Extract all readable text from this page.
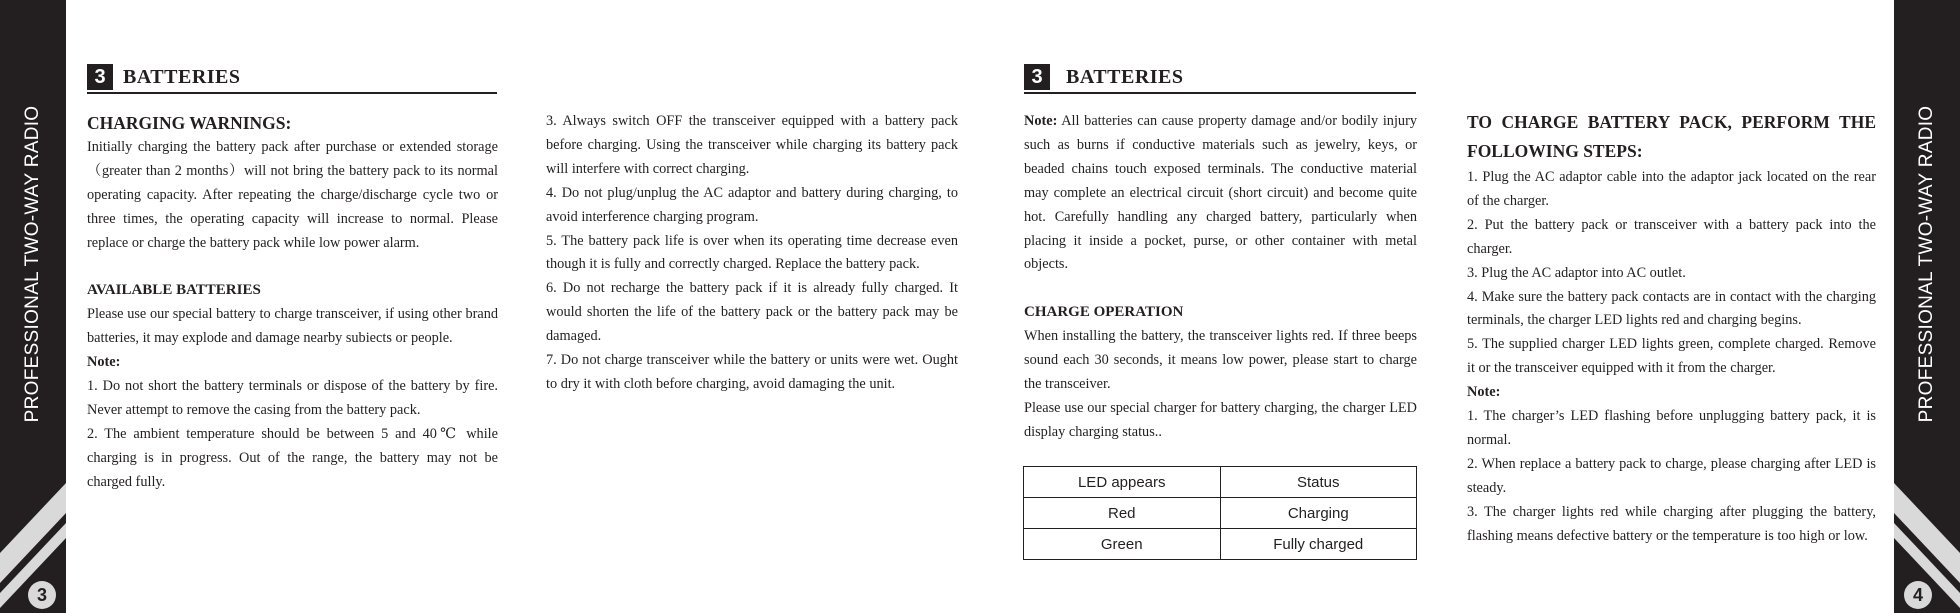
PROFESSIONAL TWO-WAY RADIO
3
PROFESSIONAL TWO-WAY RADIO
4
3 BATTERIES	3	BATTERIES

CHARGING WARNINGS:

Initially charging the battery pack after purchase or extended storage（greater than 2 months）will not bring the battery pack to its normal operating capacity. After repeating the charge/discharge cycle two or three times, the operating capacity will increase to normal. Please replace or charge the battery pack while low power alarm.

AVAILABLE BATTERIES

Please use our special battery to charge transceiver, if using other brand batteries, it may explode and damage nearby subiects or people.

Note:

1. Do not short the battery terminals or dispose of the battery by fire. Never attempt to remove the casing from the battery pack.

2. The ambient temperature should be between 5 and 40℃ while charging is in progress. Out of the range, the battery may not be charged fully.

3. Always switch OFF the transceiver equipped with a battery pack before charging. Using the transceiver while charging its battery pack will interfere with correct charging.

4. Do not plug/unplug the AC adaptor and battery during charging, to avoid interference charging program.

5. The battery pack life is over when its operating time decrease even though it is fully and correctly charged. Replace the battery pack.

6. Do not recharge the battery pack if it is already fully charged. It would shorten the life of the battery pack or the battery pack may be damaged.

7. Do not charge transceiver while the battery or units were wet. Ought to dry it with cloth before charging, avoid damaging the unit.

Note: All batteries can cause property damage and/or bodily injury such as burns if conductive materials such as jewelry, keys, or beaded chains touch exposed terminals. The conductive material may complete an electrical circuit (short circuit) and become quite hot. Carefully handling any charged battery, particularly when placing it inside a pocket, purse, or other container with metal objects.

CHARGE OPERATION

When installing the battery, the transceiver lights red. If three beeps sound each 30 seconds, it means low power, please start to charge the transceiver.

Please use our special charger for battery charging, the charger LED display charging status..

LED appears	Status
Red	Charging
Green	Fully charged

TO CHARGE BATTERY PACK, PERFORM THE FOLLOWING STEPS:

1. Plug the AC adaptor cable into the adaptor jack located on the rear of the charger.

2. Put the battery pack or transceiver with a battery pack into the charger.

3. Plug the AC adaptor into AC outlet.

4. Make sure the battery pack contacts are in contact with the charging terminals, the charger LED lights red and charging begins.

5. The supplied charger LED lights green, complete charged. Remove it or the transceiver equipped with it from the charger.

Note:

1. The charger’s LED flashing before unplugging battery pack, it is normal.

2. When replace a battery pack to charge, please charging after LED is steady.

3. The charger lights red while charging after plugging the battery, flashing means defective battery or the temperature is too high or low.
